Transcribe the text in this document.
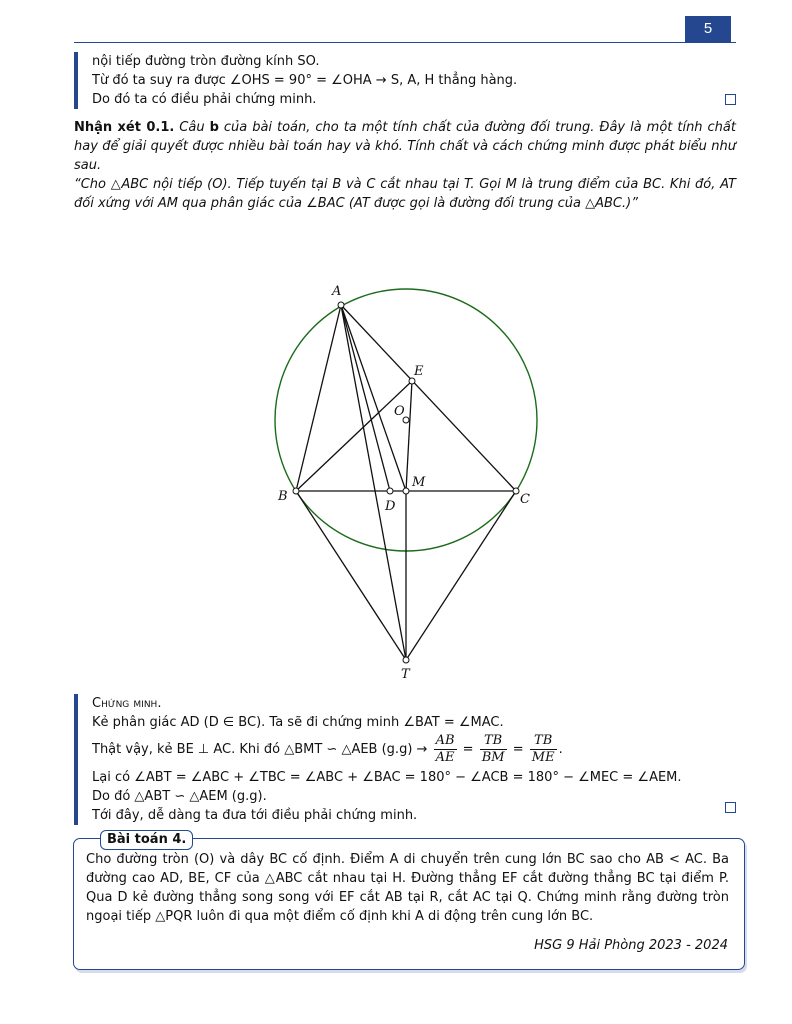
5
nội tiếp đường tròn đường kính SO.
Từ đó ta suy ra được ∠OHS = 90° = ∠OHA → S, A, H thẳng hàng.
Do đó ta có điều phải chứng minh.
Nhận xét 0.1. Câu b của bài toán, cho ta một tính chất của đường đối trung. Đây là một tính chất hay để giải quyết được nhiều bài toán hay và khó. Tính chất và cách chứng minh được phát biểu như sau.
“Cho △ABC nội tiếp (O). Tiếp tuyến tại B và C cắt nhau tại T. Gọi M là trung điểm của BC. Khi đó, AT đối xứng với AM qua phân giác của ∠BAC (AT được gọi là đường đối trung của △ABC.)”
A
E
O
B
D
M
C
T
Chứng minh.
Kẻ phân giác AD (D ∈ BC). Ta sẽ đi chứng minh ∠BAT = ∠MAC.
Thật vậy, kẻ BE ⊥ AC. Khi đó △BMT ∽ △AEB $(g.g) \to \frac{AB}{AE} = \frac{TB}{BM} = \frac{TB}{ME}$ .
Lại có ∠ABT = ∠ABC + ∠TBC = ∠ABC + ∠BAC = 180° − ∠ACB = 180° − ∠MEC = ∠AEM.
Do đó △ABT ∽ △AEM (g.g).
Tới đây, dễ dàng ta đưa tới điều phải chứng minh.
Bài toán 4.
Cho đường tròn (O) và dây BC cố định. Điểm A di chuyển trên cung lớn BC sao cho AB < AC. Ba đường cao AD, BE, CF của △ABC cắt nhau tại H. Đường thẳng EF cắt đường thẳng BC tại điểm P. Qua D kẻ đường thẳng song song với EF cắt AB tại R, cắt AC tại Q. Chứng minh rằng đường tròn ngoại tiếp △PQR luôn đi qua một điểm cố định khi A di động trên cung lớn BC.
HSG 9 Hải Phòng 2023 - 2024
